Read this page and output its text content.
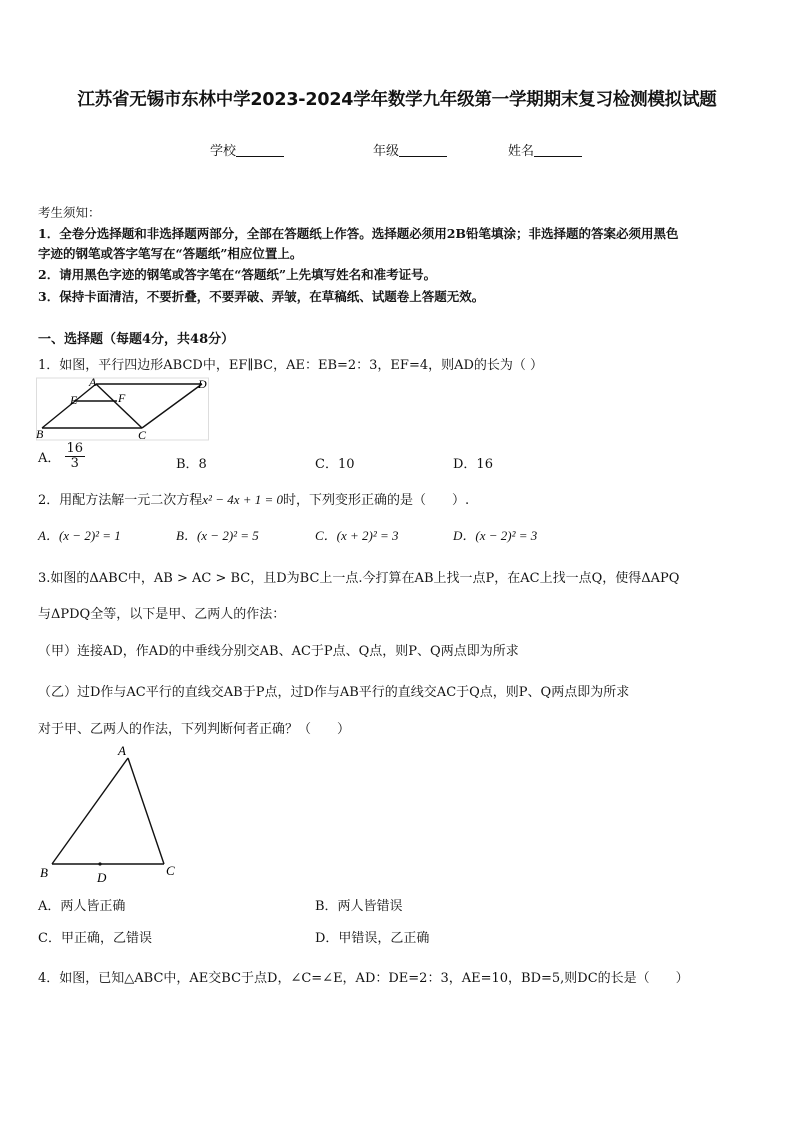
江苏省无锡市东林中学2023-2024学年数学九年级第一学期期末复习检测模拟试题
学校	年级	姓名
考生须知：
1．全卷分选择题和非选择题两部分，全部在答题纸上作答。选择题必须用2B铅笔填涂；非选择题的答案必须用黑色
字迹的钢笔或答字笔写在“答题纸”相应位置上。
2．请用黑色字迹的钢笔或答字笔在“答题纸”上先填写姓名和准考证号。
3．保持卡面清洁，不要折叠，不要弄破、弄皱，在草稿纸、试题卷上答题无效。
一、选择题（每题4分，共48分）
1．如图，平行四边形ABCD中，EF∥BC，AE：EB=2：3，EF=4，则AD的长为（ ）
A	D
E	F
B	C
A． $\frac{16}{3}$	B．8	C．10	D．16
2．用配方法解一元二次方程x² − 4x + 1 = 0时，下列变形正确的是（　　）.
A．(x − 2)² = 1	B．(x − 2)² = 5	C．(x + 2)² = 3	D．(x − 2)² = 3
3.如图的ΔABC中，AB > AC > BC，且D为BC上一点.今打算在AB上找一点P，在AC上找一点Q，使得ΔAPQ
与ΔPDQ全等，以下是甲、乙两人的作法：
（甲）连接AD，作AD的中垂线分别交AB、AC于P点、Q点，则P、Q两点即为所求
（乙）过D作与AC平行的直线交AB于P点，过D作与AB平行的直线交AC于Q点，则P、Q两点即为所求
对于甲、乙两人的作法，下列判断何者正确？（　　）
A
B	C
D
A．两人皆正确	B．两人皆错误
C．甲正确，乙错误	D．甲错误，乙正确
4．如图，已知△ABC中，AE交BC于点D，∠C=∠E，AD：DE=2：3，AE=10，BD=5,则DC的长是（　　）
